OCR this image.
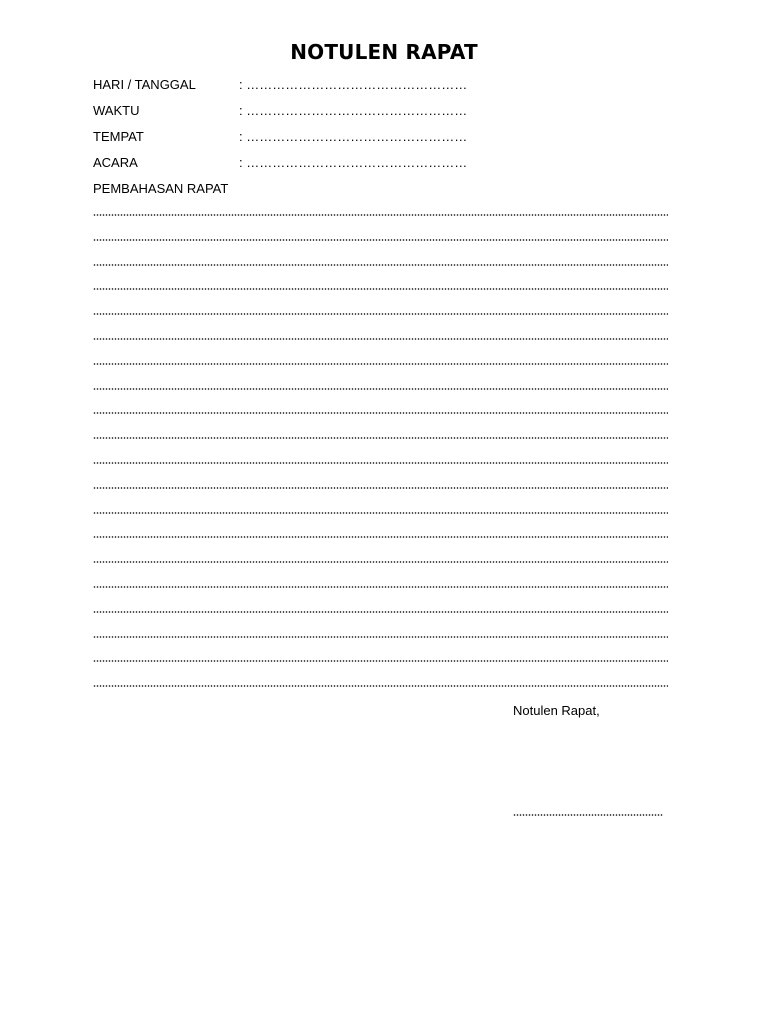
NOTULEN RAPAT
HARI / TANGGAL	: ……………………………………………
WAKTU	: ……………………………………………
TEMPAT	: ……………………………………………
ACARA	: ……………………………………………
PEMBAHASAN RAPAT
Notulen Rapat,
